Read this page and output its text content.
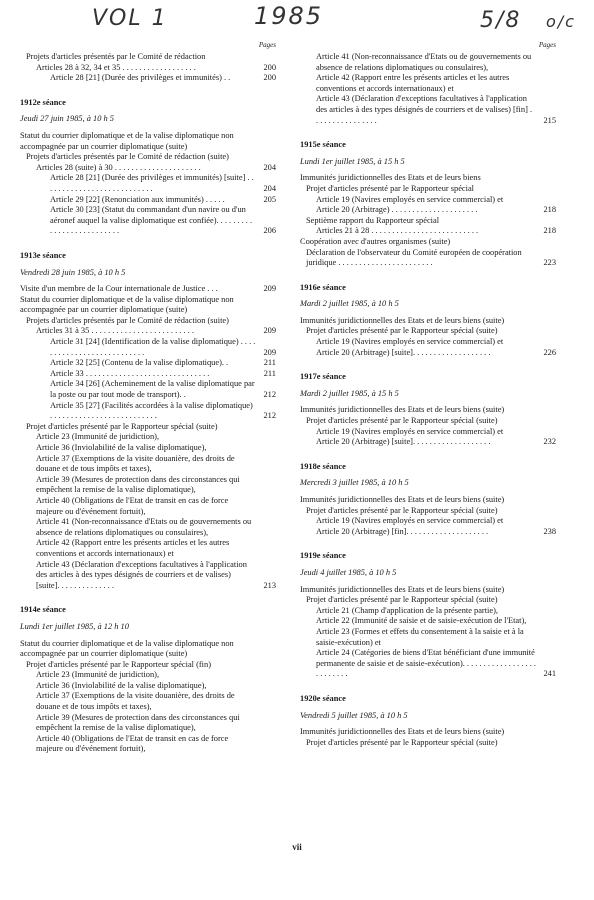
VOL 1	1985	5/8 o/c
Pages
Projets d'articles présentés par le Comité de rédaction
Articles 28 à 32, 34 et 35 . . . . . . . . . . . . . . . . . .	200
Article 28 [21] (Durée des privilèges et immunités) . .	200
1912e séance
Jeudi 27 juin 1985, à 10 h 5
Statut du courrier diplomatique et de la valise diplomatique non accompagnée par un courrier diplomatique (suite)
Projets d'articles présentés par le Comité de rédaction (suite)
Articles 28 (suite) à 30 . . . . . . . . . . . . . . . . . . . . .	204
Article 28 [21] (Durée des privilèges et immunités) [suite] . . . . . . . . . . . . . . . . . . . . . . . . . . .	204
Article 29 [22] (Renonciation aux immunités) . . . . .	205
Article 30 [23] (Statut du commandant d'un navire ou d'un aéronef auquel la valise diplomatique est confiée). . . . . . . . . . . . . . . . . . . . . . . . . .	206
1913e séance
Vendredi 28 juin 1985, à 10 h 5
Visite d'un membre de la Cour internationale de Justice . . .	209
Statut du courrier diplomatique et de la valise diplomatique non accompagnée par un courrier diplomatique (suite)
Projets d'articles présentés par le Comité de rédaction (suite)
Articles 31 à 35 . . . . . . . . . . . . . . . . . . . . . . . . .	209
Article 31 [24] (Identification de la valise diplomatique) . . . . . . . . . . . . . . . . . . . . . . . . . . .	209
Article 32 [25] (Contenu de la valise diplomatique). .	211
Article 33 . . . . . . . . . . . . . . . . . . . . . . . . . . . . . .	211
Article 34 [26] (Acheminement de la valise diplomatique par la poste ou par tout mode de transport). .	212
Article 35 [27] (Facilités accordées à la valise diplomatique) . . . . . . . . . . . . . . . . . . . . . . . . . .	212
Projet d'articles présenté par le Rapporteur spécial (suite)
Article 23 (Immunité de juridiction),
Article 36 (Inviolabilité de la valise diplomatique),
Article 37 (Exemptions de la visite douanière, des droits de douane et de tous impôts et taxes),
Article 39 (Mesures de protection dans des circonstances qui empêchent la remise de la valise diplomatique),
Article 40 (Obligations de l'Etat de transit en cas de force majeure ou d'événement fortuit),
Article 41 (Non-reconnaissance d'Etats ou de gouvernements ou absence de relations diplomatiques ou consulaires),
Article 42 (Rapport entre les présents articles et les autres conventions et accords internationaux) et
Article 43 (Déclaration d'exceptions facultatives à l'application des articles à des types désignés de courriers et de valises) [suite]. . . . . . . . . . . . . .	213
1914e séance
Lundi 1er juillet 1985, à 12 h 10
Statut du courrier diplomatique et de la valise diplomatique non accompagnée par un courrier diplomatique (suite)
Projet d'articles présenté par le Rapporteur spécial (fin)
Article 23 (Immunité de juridiction),
Article 36 (Inviolabilité de la valise diplomatique),
Article 37 (Exemptions de la visite douanière, des droits de douane et de tous impôts et taxes),
Article 39 (Mesures de protection dans des circonstances qui empêchent la remise de la valise diplomatique),
Article 40 (Obligations de l'Etat de transit en cas de force majeure ou d'événement fortuit),
Pages
Article 41 (Non-reconnaissance d'Etats ou de gouvernements ou absence de relations diplomatiques ou consulaires),
Article 42 (Rapport entre les présents articles et les autres conventions et accords internationaux) et
Article 43 (Déclaration d'exceptions facultatives à l'application des articles à des types désignés de courriers et de valises) [fin] . . . . . . . . . . . . . . . .	215
1915e séance
Lundi 1er juillet 1985, à 15 h 5
Immunités juridictionnelles des Etats et de leurs biens
Projet d'articles présenté par le Rapporteur spécial
Article 19 (Navires employés en service commercial) et
Article 20 (Arbitrage) . . . . . . . . . . . . . . . . . . . . .	218
Septième rapport du Rapporteur spécial
Articles 21 à 28 . . . . . . . . . . . . . . . . . . . . . . . . . .	218
Coopération avec d'autres organismes (suite)
Déclaration de l'observateur du Comité européen de coopération juridique . . . . . . . . . . . . . . . . . . . . . . .	223
1916e séance
Mardi 2 juillet 1985, à 10 h 5
Immunités juridictionnelles des Etats et de leurs biens (suite)
Projet d'articles présenté par le Rapporteur spécial (suite)
Article 19 (Navires employés en service commercial) et
Article 20 (Arbitrage) [suite]. . . . . . . . . . . . . . . . . . .	226
1917e séance
Mardi 2 juillet 1985, à 15 h 5
Immunités juridictionnelles des Etats et de leurs biens (suite)
Projet d'articles présenté par le Rapporteur spécial (suite)
Article 19 (Navires employés en service commercial) et
Article 20 (Arbitrage) [suite]. . . . . . . . . . . . . . . . . . .	232
1918e séance
Mercredi 3 juillet 1985, à 10 h 5
Immunités juridictionnelles des Etats et de leurs biens (suite)
Projet d'articles présenté par le Rapporteur spécial (suite)
Article 19 (Navires employés en service commercial) et
Article 20 (Arbitrage) [fin]. . . . . . . . . . . . . . . . . . . .	238
1919e séance
Jeudi 4 juillet 1985, à 10 h 5
Immunités juridictionnelles des Etats et de leurs biens (suite)
Projet d'articles présenté par le Rapporteur spécial (suite)
Article 21 (Champ d'application de la présente partie),
Article 22 (Immunité de saisie et de saisie-exécution de l'Etat),
Article 23 (Formes et effets du consentement à la saisie et à la saisie-exécution) et
Article 24 (Catégories de biens d'Etat bénéficiant d'une immunité permanente de saisie et de saisie-exécution). . . . . . . . . . . . . . . . . . . . . . . . . .	241
1920e séance
Vendredi 5 juillet 1985, à 10 h 5
Immunités juridictionnelles des Etats et de leurs biens (suite)
Projet d'articles présenté par le Rapporteur spécial (suite)
vii
